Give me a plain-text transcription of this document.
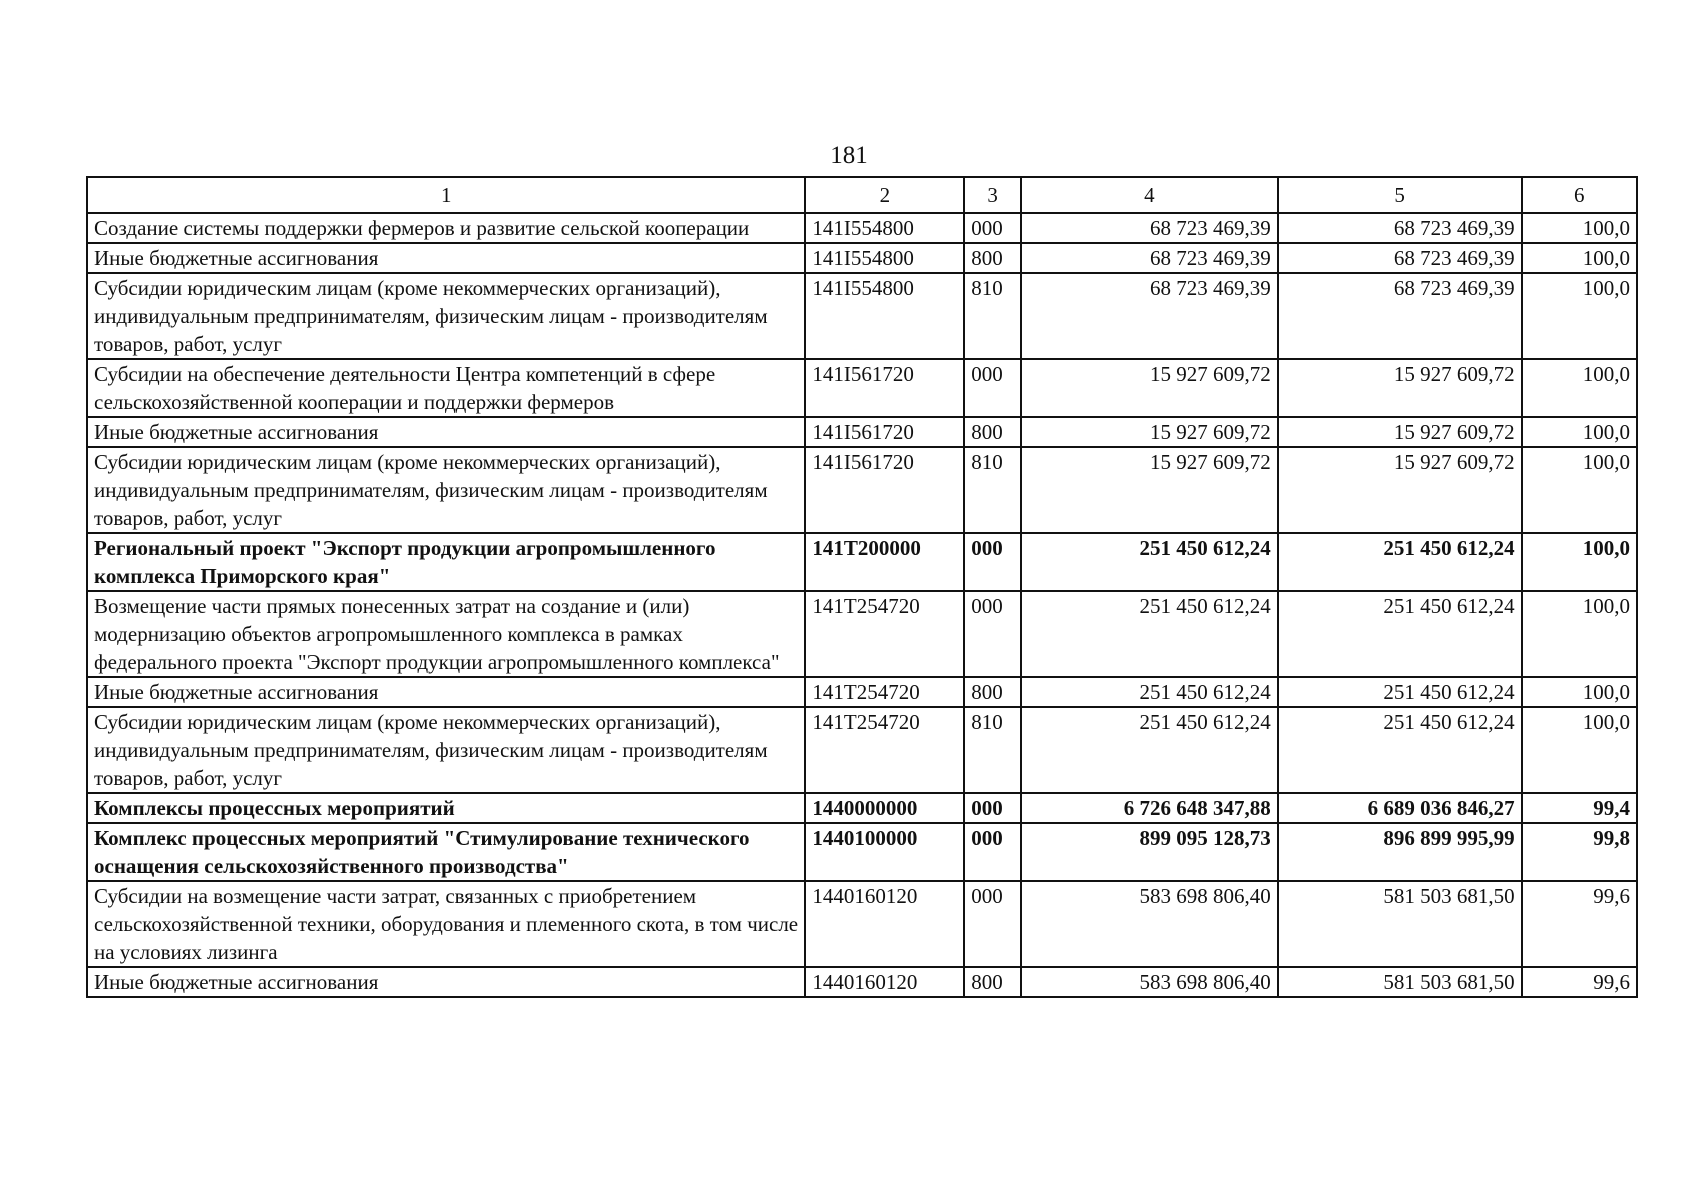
181
1	2	3	4	5	6
Создание системы поддержки фермеров и развитие сельской кооперации	141I554800	000	68 723 469,39	68 723 469,39	100,0
Иные бюджетные ассигнования	141I554800	800	68 723 469,39	68 723 469,39	100,0
Субсидии юридическим лицам (кроме некоммерческих организаций), индивидуальным предпринимателям, физическим лицам - производителям товаров, работ, услуг	141I554800	810	68 723 469,39	68 723 469,39	100,0
Субсидии на обеспечение деятельности Центра компетенций в сфере сельскохозяйственной кооперации и поддержки фермеров	141I561720	000	15 927 609,72	15 927 609,72	100,0
Иные бюджетные ассигнования	141I561720	800	15 927 609,72	15 927 609,72	100,0
Субсидии юридическим лицам (кроме некоммерческих организаций), индивидуальным предпринимателям, физическим лицам - производителям товаров, работ, услуг	141I561720	810	15 927 609,72	15 927 609,72	100,0
Региональный проект "Экспорт продукции агропромышленного комплекса Приморского края"	141T200000	000	251 450 612,24	251 450 612,24	100,0
Возмещение части прямых понесенных затрат на создание и (или) модернизацию объектов агропромышленного комплекса в рамках федерального проекта "Экспорт продукции агропромышленного комплекса"	141T254720	000	251 450 612,24	251 450 612,24	100,0
Иные бюджетные ассигнования	141T254720	800	251 450 612,24	251 450 612,24	100,0
Субсидии юридическим лицам (кроме некоммерческих организаций), индивидуальным предпринимателям, физическим лицам - производителям товаров, работ, услуг	141T254720	810	251 450 612,24	251 450 612,24	100,0
Комплексы процессных мероприятий	1440000000	000	6 726 648 347,88	6 689 036 846,27	99,4
Комплекс процессных мероприятий "Стимулирование технического оснащения сельскохозяйственного производства"	1440100000	000	899 095 128,73	896 899 995,99	99,8
Субсидии на возмещение части затрат, связанных с приобретением сельскохозяйственной техники, оборудования и племенного скота, в том числе на условиях лизинга	1440160120	000	583 698 806,40	581 503 681,50	99,6
Иные бюджетные ассигнования	1440160120	800	583 698 806,40	581 503 681,50	99,6
